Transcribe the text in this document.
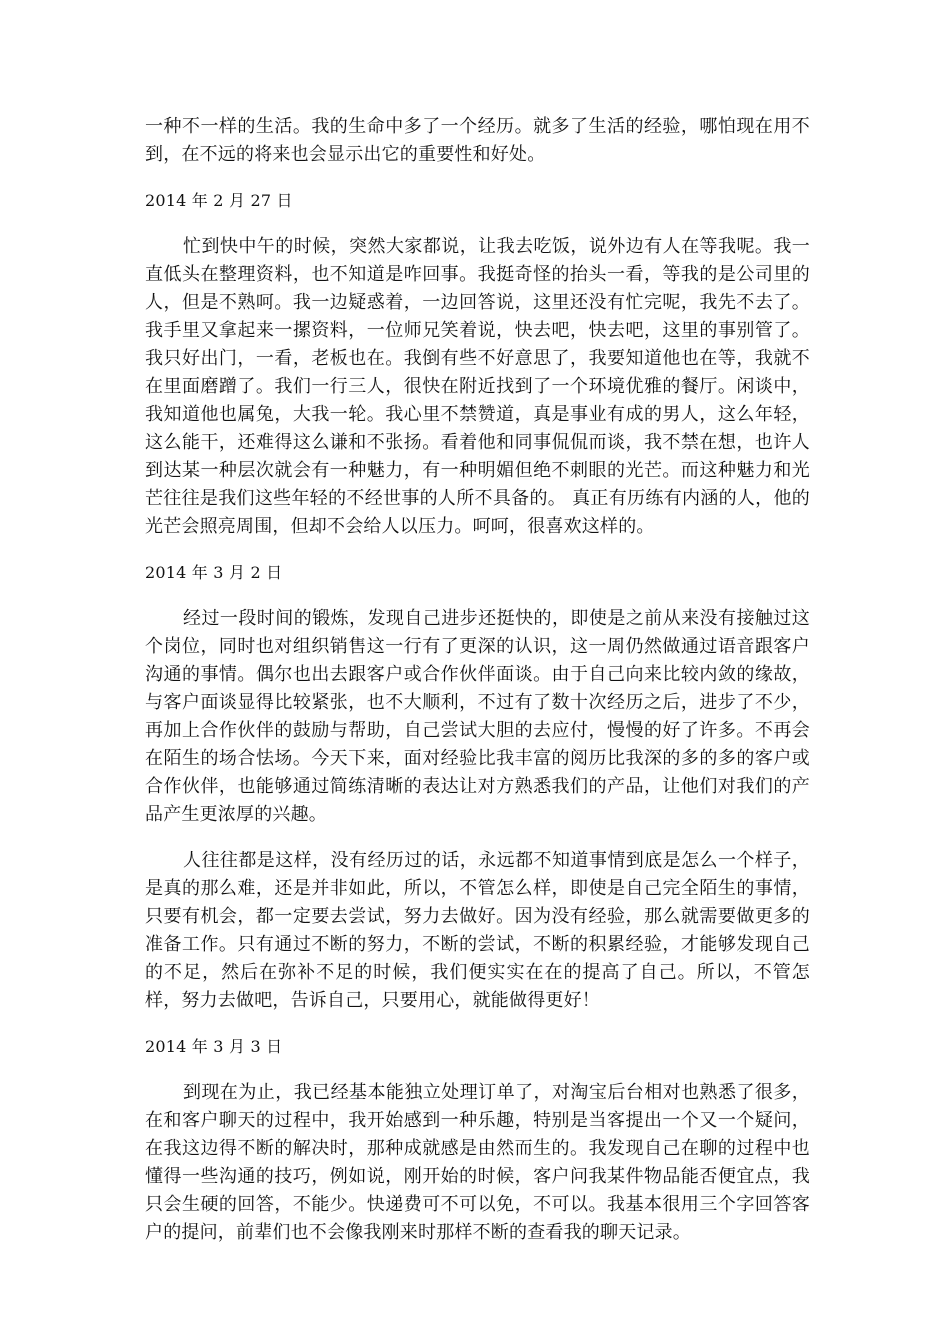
一种不一样的生活。我的生命中多了一个经历。就多了生活的经验，哪怕现在用不到，在不远的将来也会显示出它的重要性和好处。

2014 年 2 月 27 日

忙到快中午的时候，突然大家都说，让我去吃饭，说外边有人在等我呢。我一直低头在整理资料，也不知道是咋回事。我挺奇怪的抬头一看，等我的是公司里的人，但是不熟呵。我一边疑惑着，一边回答说，这里还没有忙完呢，我先不去了。我手里又拿起来一摞资料，一位师兄笑着说，快去吧，快去吧，这里的事别管了。我只好出门，一看，老板也在。我倒有些不好意思了，我要知道他也在等，我就不在里面磨蹭了。我们一行三人，很快在附近找到了一个环境优雅的餐厅。闲谈中，我知道他也属兔，大我一轮。我心里不禁赞道，真是事业有成的男人，这么年轻，这么能干，还难得这么谦和不张扬。看着他和同事侃侃而谈，我不禁在想，也许人到达某一种层次就会有一种魅力，有一种明媚但绝不刺眼的光芒。而这种魅力和光芒往往是我们这些年轻的不经世事的人所不具备的。 真正有历练有内涵的人，他的光芒会照亮周围，但却不会给人以压力。呵呵，很喜欢这样的。

2014 年 3 月 2 日

经过一段时间的锻炼，发现自己进步还挺快的，即使是之前从来没有接触过这个岗位，同时也对组织销售这一行有了更深的认识，这一周仍然做通过语音跟客户沟通的事情。偶尔也出去跟客户或合作伙伴面谈。由于自己向来比较内敛的缘故，与客户面谈显得比较紧张，也不大顺利，不过有了数十次经历之后，进步了不少，再加上合作伙伴的鼓励与帮助，自己尝试大胆的去应付，慢慢的好了许多。不再会在陌生的场合怯场。今天下来，面对经验比我丰富的阅历比我深的多的多的客户或合作伙伴，也能够通过简练清晰的表达让对方熟悉我们的产品，让他们对我们的产品产生更浓厚的兴趣。

人往往都是这样，没有经历过的话，永远都不知道事情到底是怎么一个样子，是真的那么难，还是并非如此，所以，不管怎么样，即使是自己完全陌生的事情，只要有机会，都一定要去尝试，努力去做好。因为没有经验，那么就需要做更多的准备工作。只有通过不断的努力，不断的尝试，不断的积累经验，才能够发现自己的不足，然后在弥补不足的时候，我们便实实在在的提高了自己。所以，不管怎样，努力去做吧，告诉自己，只要用心，就能做得更好！

2014 年 3 月 3 日

到现在为止，我已经基本能独立处理订单了，对淘宝后台相对也熟悉了很多，在和客户聊天的过程中，我开始感到一种乐趣，特别是当客提出一个又一个疑问，在我这边得不断的解决时，那种成就感是由然而生的。我发现自己在聊的过程中也懂得一些沟通的技巧，例如说，刚开始的时候，客户问我某件物品能否便宜点，我只会生硬的回答，不能少。快递费可不可以免，不可以。我基本很用三个字回答客户的提问，前辈们也不会像我刚来时那样不断的查看我的聊天记录。
